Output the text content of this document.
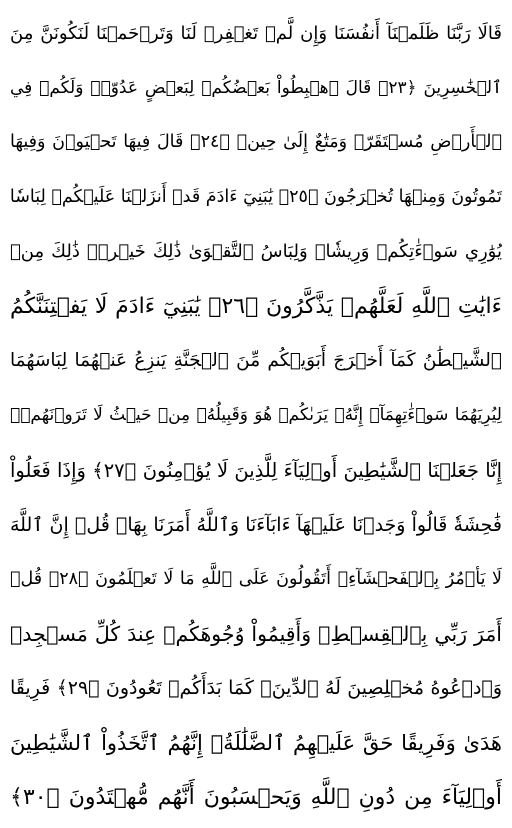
قَالَا رَبَّنَا ظَلَمۡنَآ أَنفُسَنَا وَإِن لَّمۡ تَغۡفِرۡ لَنَا وَتَرۡحَمۡنَا لَنَكُونَنَّ مِنَ
ٱلۡخَٰسِرِينَ ﴿٢٣﴾ قَالَ ٱهۡبِطُواْ بَعۡضُكُمۡ لِبَعۡضٍ عَدُوّٞۖ وَلَكُمۡ فِي
ٱلۡأَرۡضِ مُسۡتَقَرّٞ وَمَتَٰعٌ إِلَىٰ حِينٖ ﴿٢٤﴾ قَالَ فِيهَا تَحۡيَوۡنَ وَفِيهَا
تَمُوتُونَ وَمِنۡهَا تُخۡرَجُونَ ﴿٢٥﴾ يَٰبَنِيٓ ءَادَمَ قَدۡ أَنزَلۡنَا عَلَيۡكُمۡ لِبَاسٗا
يُوَٰرِي سَوۡءَٰتِكُمۡ وَرِيشٗاۖ وَلِبَاسُ ٱلتَّقۡوَىٰ ذَٰلِكَ خَيۡرٞۚ ذَٰلِكَ مِنۡ
ءَايَٰتِ ٱللَّهِ لَعَلَّهُمۡ يَذَّكَّرُونَ ﴿٢٦﴾ يَٰبَنِيٓ ءَادَمَ لَا يَفۡتِنَنَّكُمُ
ٱلشَّيۡطَٰنُ كَمَآ أَخۡرَجَ أَبَوَيۡكُم مِّنَ ٱلۡجَنَّةِ يَنزِعُ عَنۡهُمَا لِبَاسَهُمَا
لِيُرِيَهُمَا سَوۡءَٰتِهِمَآۚ إِنَّهُۥ يَرَىٰكُمۡ هُوَ وَقَبِيلُهُۥ مِنۡ حَيۡثُ لَا تَرَوۡنَهُمۡۗ
إِنَّا جَعَلۡنَا ٱلشَّيَٰطِينَ أَوۡلِيَآءَ لِلَّذِينَ لَا يُؤۡمِنُونَ ﴿٢٧﴾ وَإِذَا فَعَلُواْ
فَٰحِشَةٗ قَالُواْ وَجَدۡنَا عَلَيۡهَآ ءَابَآءَنَا وَٱللَّهُ أَمَرَنَا بِهَاۗ قُلۡ إِنَّ ٱللَّهَ
لَا يَأۡمُرُ بِٱلۡفَحۡشَآءِۖ أَتَقُولُونَ عَلَى ٱللَّهِ مَا لَا تَعۡلَمُونَ ﴿٢٨﴾ قُلۡ
أَمَرَ رَبِّي بِٱلۡقِسۡطِۖ وَأَقِيمُواْ وُجُوهَكُمۡ عِندَ كُلِّ مَسۡجِدٖ
وَٱدۡعُوهُ مُخۡلِصِينَ لَهُ ٱلدِّينَۚ كَمَا بَدَأَكُمۡ تَعُودُونَ ﴿٢٩﴾ فَرِيقًا
هَدَىٰ وَفَرِيقًا حَقَّ عَلَيۡهِمُ ٱلضَّلَٰلَةُۚ إِنَّهُمُ ٱتَّخَذُواْ ٱلشَّيَٰطِينَ
أَوۡلِيَآءَ مِن دُونِ ٱللَّهِ وَيَحۡسَبُونَ أَنَّهُم مُّهۡتَدُونَ ﴿٣٠﴾
